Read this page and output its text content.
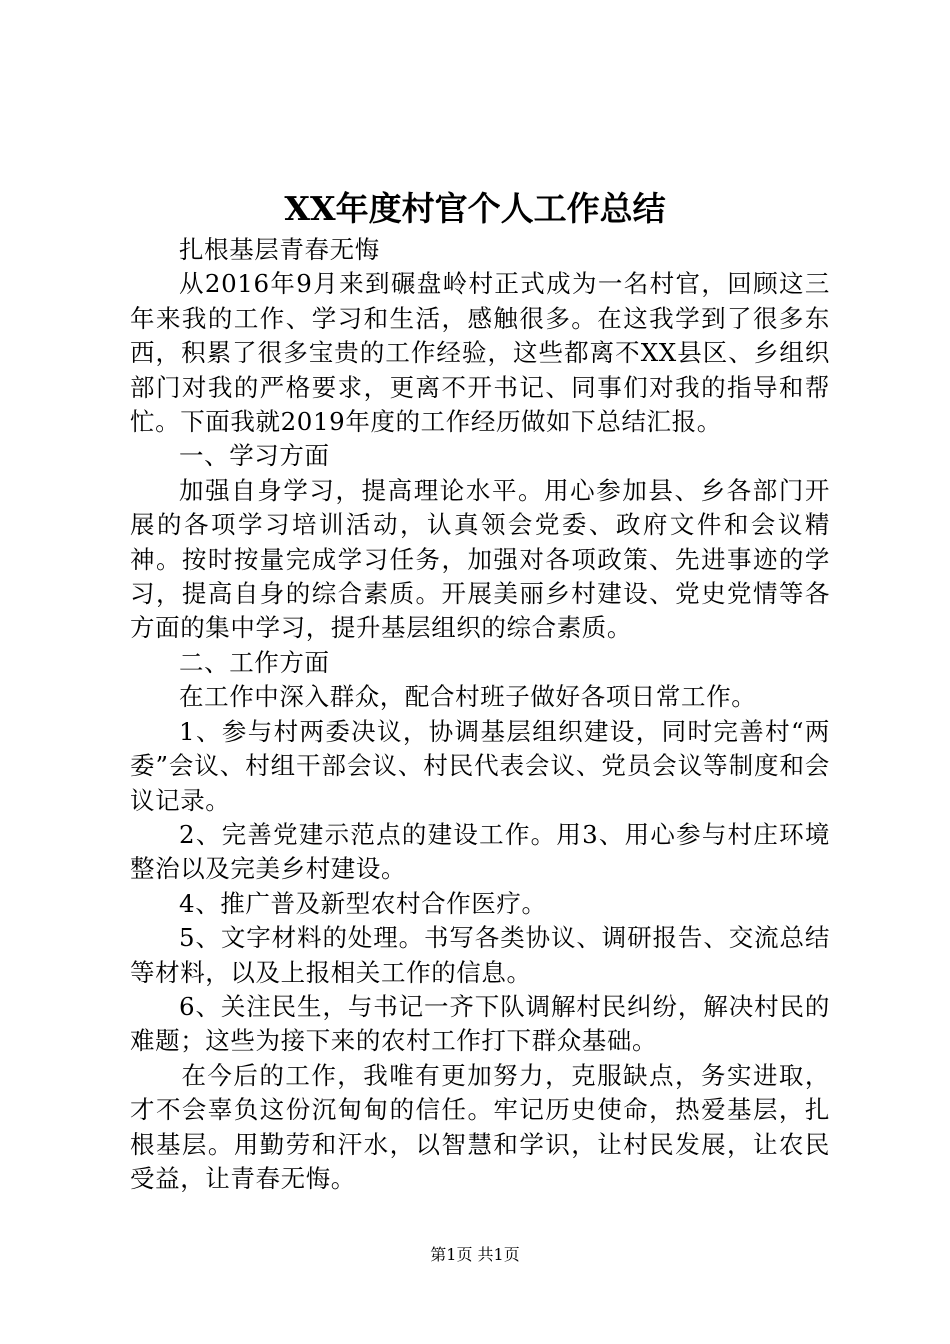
XX年度村官个人工作总结

扎根基层青春无悔

从2016年9月来到碾盘岭村正式成为一名村官，回顾这三年来我的工作、学习和生活，感触很多。在这我学到了很多东西，积累了很多宝贵的工作经验，这些都离不XX县区、乡组织部门对我的严格要求，更离不开书记、同事们对我的指导和帮忙。下面我就2019年度的工作经历做如下总结汇报。

一、学习方面

加强自身学习，提高理论水平。用心参加县、乡各部门开展的各项学习培训活动，认真领会党委、政府文件和会议精神。按时按量完成学习任务，加强对各项政策、先进事迹的学习，提高自身的综合素质。开展美丽乡村建设、党史党情等各方面的集中学习，提升基层组织的综合素质。

二、工作方面

在工作中深入群众，配合村班子做好各项日常工作。

1、参与村两委决议，协调基层组织建设，同时完善村“两委”会议、村组干部会议、村民代表会议、党员会议等制度和会议记录。

2、完善党建示范点的建设工作。用3、用心参与村庄环境整治以及完美乡村建设。

4、推广普及新型农村合作医疗。

5、文字材料的处理。书写各类协议、调研报告、交流总结等材料，以及上报相关工作的信息。

6、关注民生，与书记一齐下队调解村民纠纷，解决村民的难题；这些为接下来的农村工作打下群众基础。

在今后的工作，我唯有更加努力，克服缺点，务实进取，才不会辜负这份沉甸甸的信任。牢记历史使命，热爱基层，扎根基层。用勤劳和汗水，以智慧和学识，让村民发展，让农民受益，让青春无悔。

第1页 共1页
